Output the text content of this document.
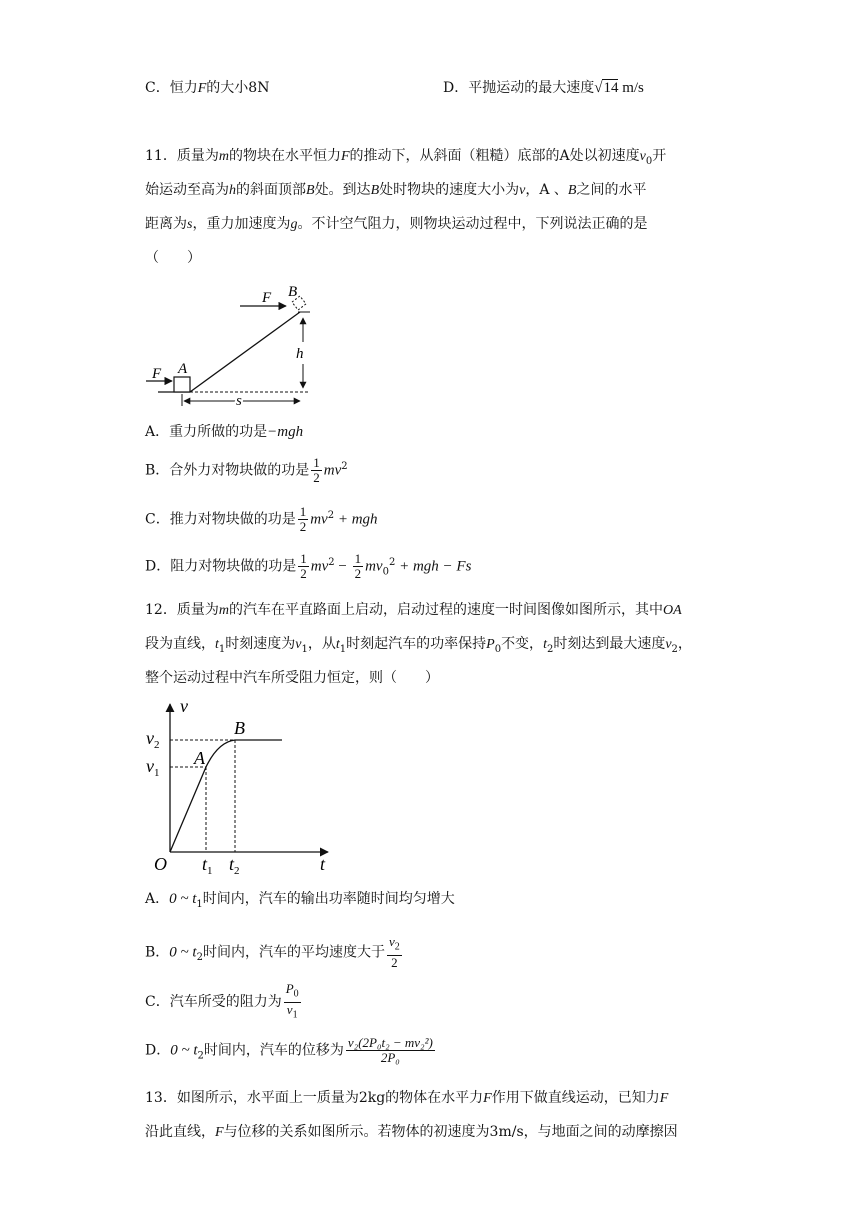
C．恒力F的大小8N	D．平抛运动的最大速度√14 m/s
11．质量为m的物块在水平恒力F的推动下，从斜面（粗糙）底部的A处以初速度$v_0$开
始运动至高为h的斜面顶部B处。到达B处时物块的速度大小为v，A 、B之间的水平
距离为s，重力加速度为g。不计空气阻力，则物块运动过程中，下列说法正确的是
（　　）
F B
h
A
F
s
A．重力所做的功是−mgh
B．合外力对物块做的功是 $\frac{1}{2} mv^2$
C．推力对物块做的功是 $\frac{1}{2} mv^2$ + mgh
D．阻力对物块做的功是 $\frac{1}{2} mv^2 - \frac{1}{2} mv_0^2$ + mgh − Fs
12．质量为m的汽车在平直路面上启动，启动过程的速度一时间图像如图所示，其中OA
段为直线，$t_1$时刻速度为$v_1$，从$t_1$时刻起汽车的功率保持$P_0$不变，$t_2$时刻达到最大速度$v_2$，
整个运动过程中汽车所受阻力恒定，则（　　）
v
t
O
$v_2$
$v_1$
A
B
$t_1$ $t_2$
A．0 ~ $t_1$时间内，汽车的输出功率随时间均匀增大
B．0 ~ $t_2$时间内，汽车的平均速度大于 $\frac{v_2}{2}$
C．汽车所受的阻力为 $\frac{P_0}{v_1}$
D．0 ~ $t_2$时间内，汽车的位移为 $\frac{\text{v₂(2P₀t₂ − mv₂²)}}{\text{2P₀}}$
13．如图所示，水平面上一质量为2kg的物体在水平力F作用下做直线运动，已知力F
沿此直线，F与位移的关系如图所示。若物体的初速度为3m/s，与地面之间的动摩擦因
